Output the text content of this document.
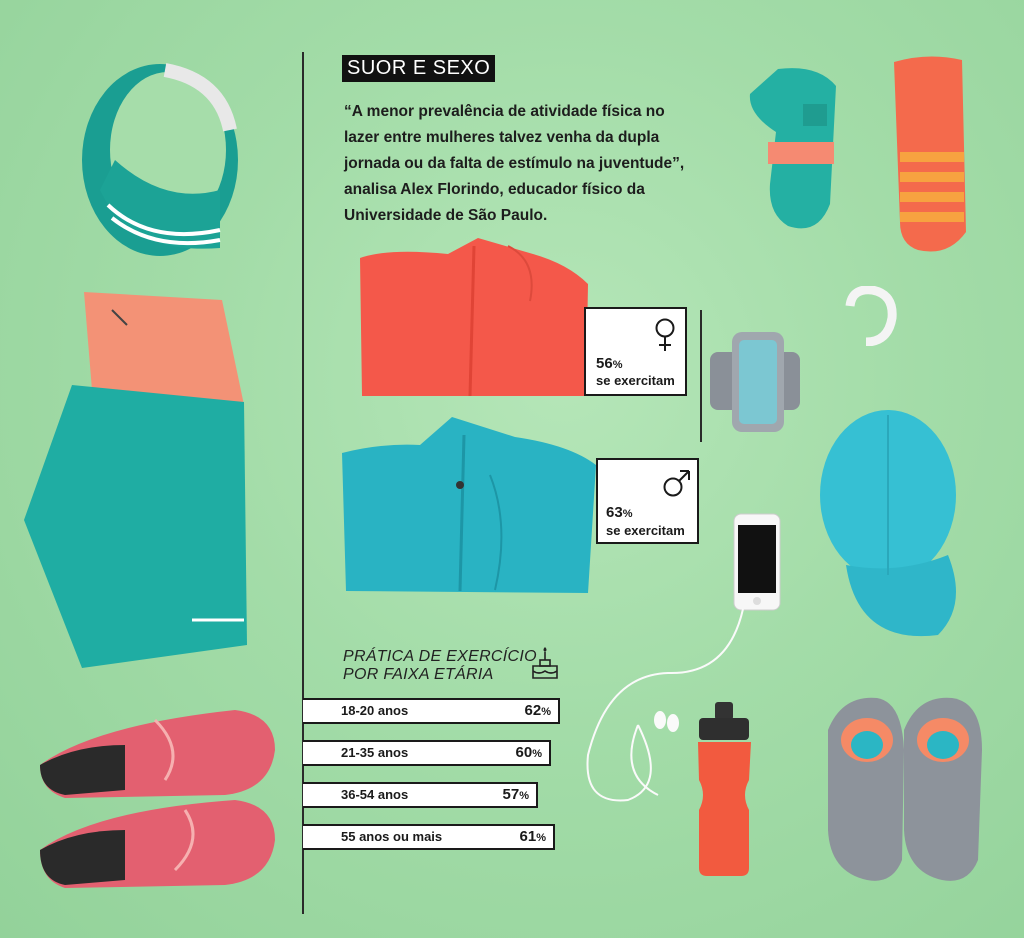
SUOR E SEXO

“A menor prevalência de atividade física no lazer entre mulheres talvez venha da dupla jornada ou da falta de estímulo na juventude”, analisa Alex Florindo, educador físico da Universidade de São Paulo.

56%
se exercitam
63%
se exercitam
PRÁTICA DE EXERCÍCIO
POR FAIXA ETÁRIA
18-20 anos	62%
21-35 anos	60%
36-54 anos	57%
55 anos ou mais	61%
